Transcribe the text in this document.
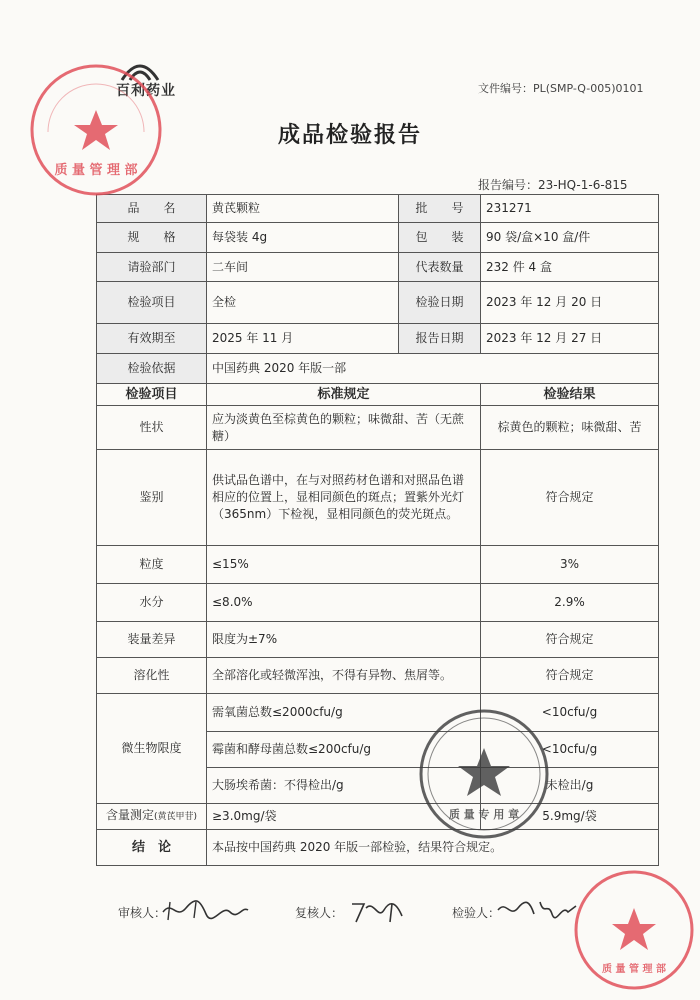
百利药业	文件编号：PL(SMP-Q-005)0101
成品检验报告
报告编号：23-HQ-1-6-815
品　　名	黄芪颗粒	批　　号	231271
规　　格	每袋装 4g	包　　装	90 袋/盒×10 盒/件
请验部门	二车间	代表数量	232 件 4 盒
检验项目	全检	检验日期	2023 年 12 月 20 日
有效期至	2025 年 11 月	报告日期	2023 年 12 月 27 日
检验依据	中国药典 2020 年版一部		
检验项目	标准规定		检验结果
性状	应为淡黄色至棕黄色的颗粒；味微甜、苦（无蔗糖）		棕黄色的颗粒；味微甜、苦
鉴别	供试品色谱中，在与对照药材色谱和对照品色谱相应的位置上，显相同颜色的斑点；置紫外光灯（365nm）下检视，显相同颜色的荧光斑点。		符合规定
粒度	≤15%		3%
水分	≤8.0%		2.9%
装量差异	限度为±7%		符合规定
溶化性	全部溶化或轻微浑浊，不得有异物、焦屑等。		符合规定
微生物限度	需氧菌总数≤2000cfu/g		<10cfu/g
	霉菌和酵母菌总数≤200cfu/g		<10cfu/g
	大肠埃希菌：不得检出/g		未检出/g
含量测定(黄芪甲苷)	≥3.0mg/袋		5.9mg/袋
结　论	本品按中国药典 2020 年版一部检验，结果符合规定。		
审核人：	复核人：	检验人：
质 量 管 理 部
质 量 专 用 章
质 量 管 理 部
